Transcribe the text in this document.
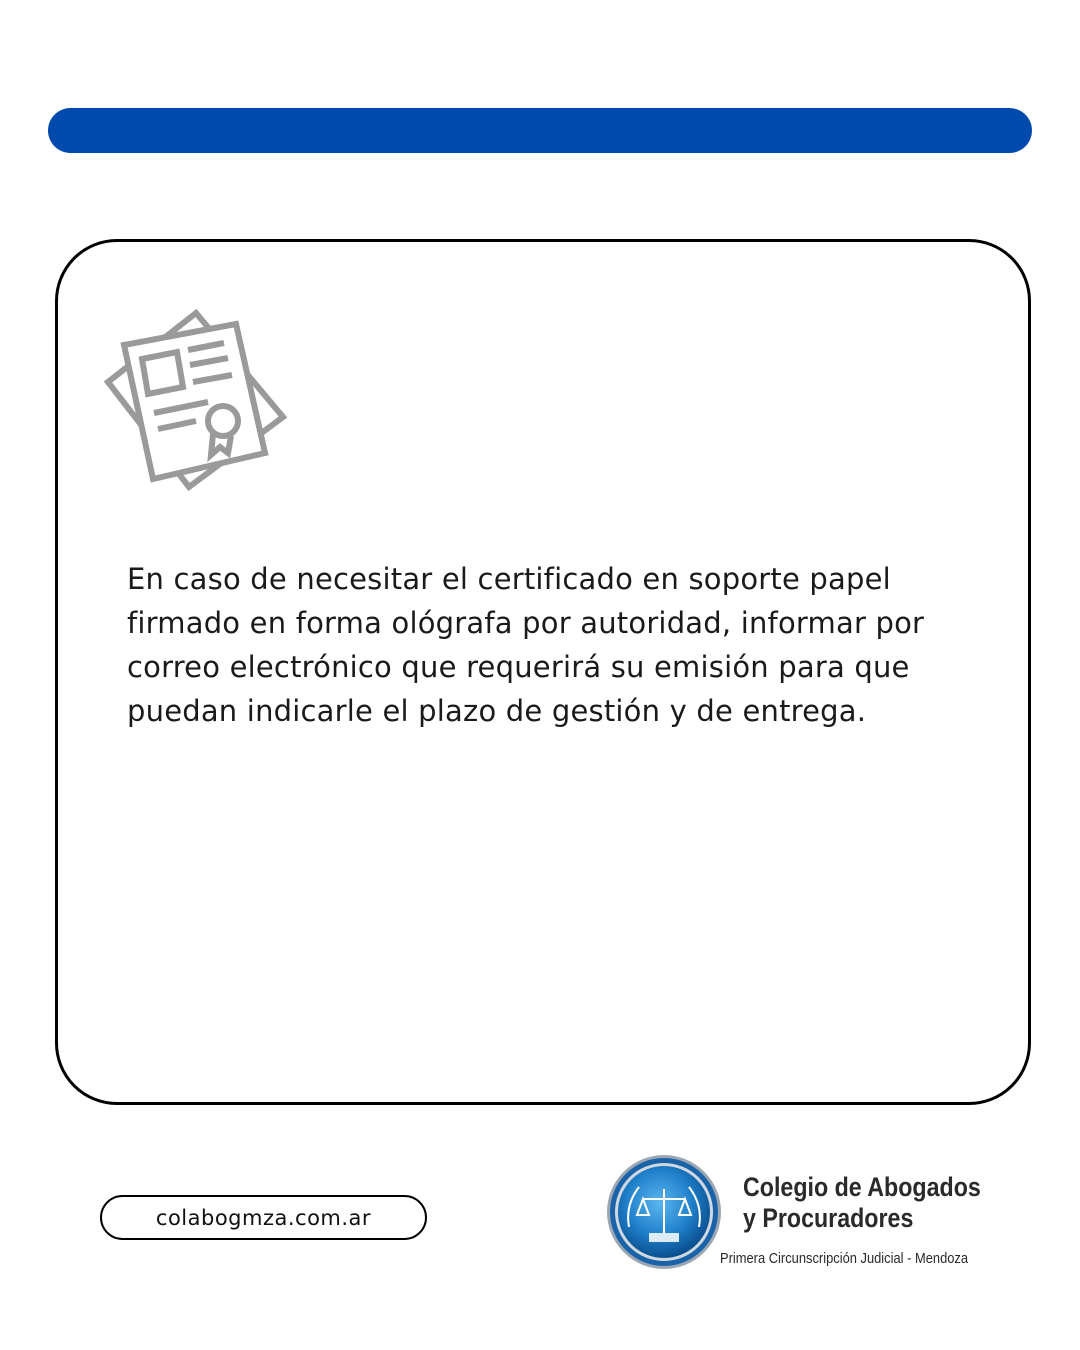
En caso de necesitar el certificado en soporte papel firmado en forma ológrafa por autoridad, informar por correo electrónico que requerirá su emisión para que puedan indicarle el plazo de gestión y de entrega.

colabogmza.com.ar
Colegio de Abogados
y Procuradores
Primera Circunscripción Judicial - Mendoza
